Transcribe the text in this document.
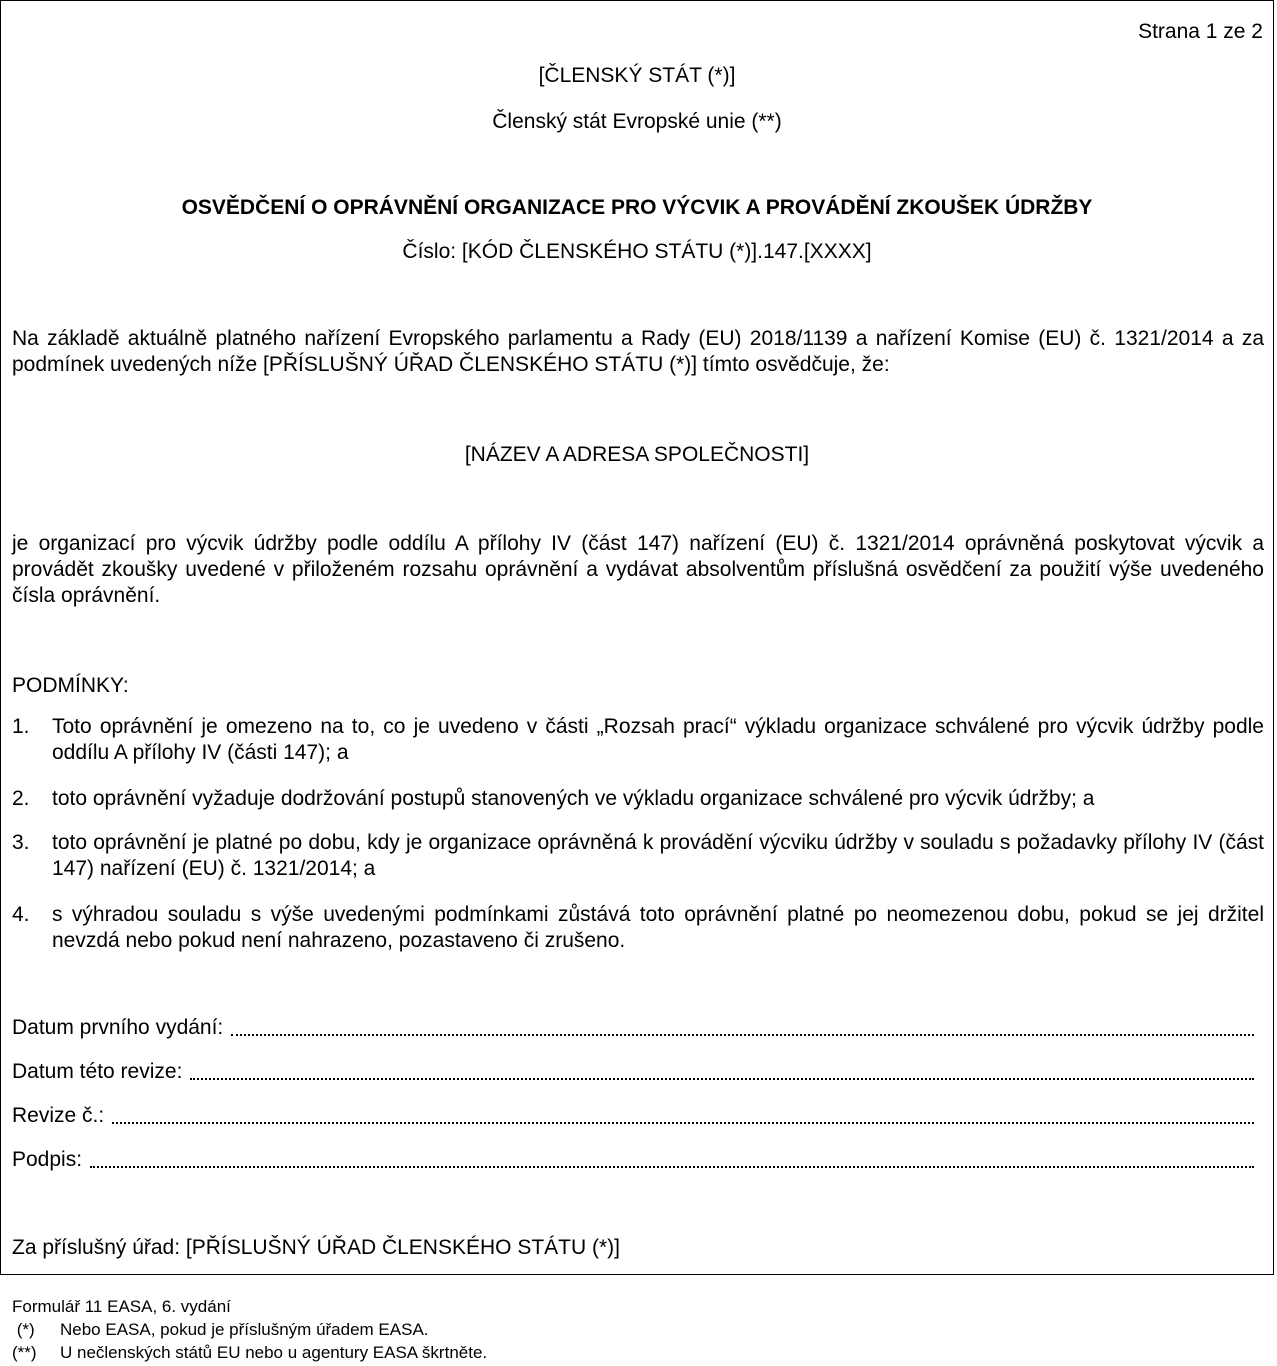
Strana 1 ze 2
[ČLENSKÝ STÁT (*)]
Členský stát Evropské unie (**)
OSVĚDČENÍ O OPRÁVNĚNÍ ORGANIZACE PRO VÝCVIK A PROVÁDĚNÍ ZKOUŠEK ÚDRŽBY
Číslo: [KÓD ČLENSKÉHO STÁTU (*)].147.[XXXX]
Na základě aktuálně platného nařízení Evropského parlamentu a Rady (EU) 2018/1139 a nařízení Komise (EU) č. 1321/2014 a za podmínek uvedených níže [PŘÍSLUŠNÝ ÚŘAD ČLENSKÉHO STÁTU (*)] tímto osvědčuje, že:
[NÁZEV A ADRESA SPOLEČNOSTI]
je organizací pro výcvik údržby podle oddílu A přílohy IV (část 147) nařízení (EU) č. 1321/2014 oprávněná poskytovat výcvik a provádět zkoušky uvedené v přiloženém rozsahu oprávnění a vydávat absolventům příslušná osvědčení za použití výše uvedeného čísla oprávnění.
PODMÍNKY:
1. Toto oprávnění je omezeno na to, co je uvedeno v části „Rozsah prací“ výkladu organizace schválené pro výcvik údržby podle oddílu A přílohy IV (části 147); a
2. toto oprávnění vyžaduje dodržování postupů stanovených ve výkladu organizace schválené pro výcvik údržby; a
3. toto oprávnění je platné po dobu, kdy je organizace oprávněná k provádění výcviku údržby v souladu s požadavky přílohy IV (část 147) nařízení (EU) č. 1321/2014; a
4. s výhradou souladu s výše uvedenými podmínkami zůstává toto oprávnění platné po neomezenou dobu, pokud se jej držitel nevzdá nebo pokud není nahrazeno, pozastaveno či zrušeno.
Datum prvního vydání:
Datum této revize:
Revize č.:
Podpis:
Za příslušný úřad: [PŘÍSLUŠNÝ ÚŘAD ČLENSKÉHO STÁTU (*)]
Formulář 11 EASA, 6. vydání
(*) Nebo EASA, pokud je příslušným úřadem EASA.
(**) U nečlenských států EU nebo u agentury EASA škrtněte.
